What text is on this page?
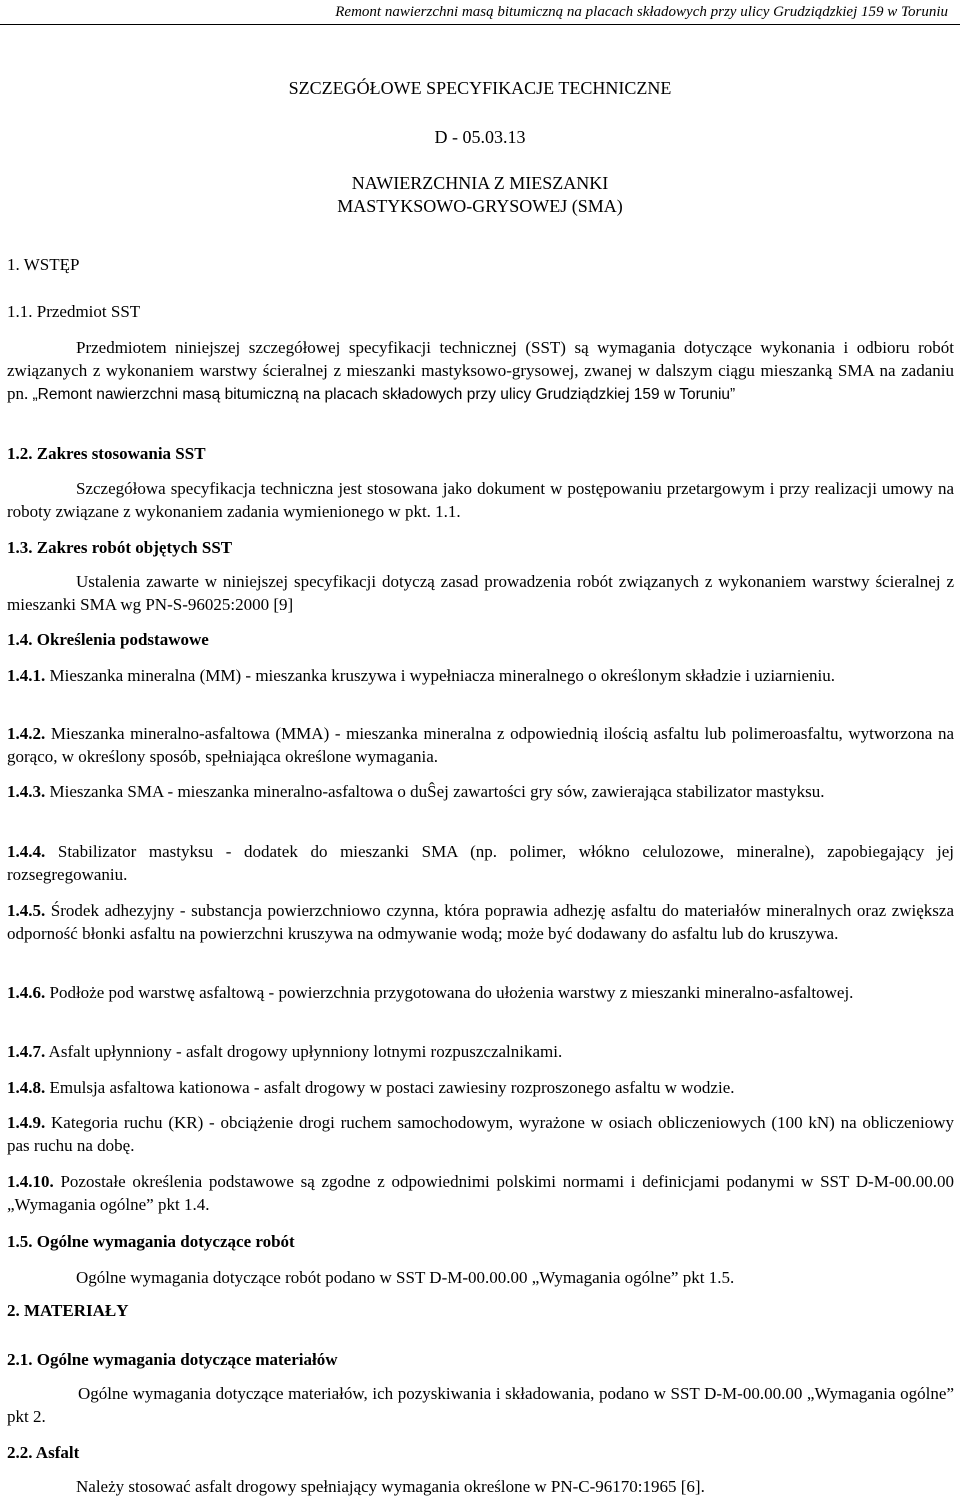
Remont nawierzchni masą bitumiczną na placach składowych przy ulicy Grudziądzkiej 159 w Toruniu
SZCZEGÓŁOWE SPECYFIKACJE TECHNICZNE
D - 05.03.13
NAWIERZCHNIA Z MIESZANKI
MASTYKSOWO-GRYSOWEJ (SMA)
1. WSTĘP
1.1. Przedmiot SST
Przedmiotem niniejszej szczegółowej specyfikacji technicznej (SST) są wymagania dotyczące wykonania i odbioru robót związanych z wykonaniem warstwy ścieralnej z mieszanki mastyksowo-grysowej, zwanej w dalszym ciągu mieszanką SMA na zadaniu pn. „Remont nawierzchni masą bitumiczną na placach składowych przy ulicy Grudziądzkiej 159 w Toruniu”
1.2. Zakres stosowania SST
Szczegółowa specyfikacja techniczna jest stosowana jako dokument w postępowaniu przetargowym i przy realizacji umowy na roboty związane z wykonaniem zadania wymienionego w pkt. 1.1.
1.3. Zakres robót objętych SST
Ustalenia zawarte w niniejszej specyfikacji dotyczą zasad prowadzenia robót związanych z wykonaniem warstwy ścieralnej z mieszanki SMA wg PN-S-96025:2000 [9]
1.4. Określenia podstawowe
1.4.1. Mieszanka mineralna (MM) - mieszanka kruszywa i wypełniacza mineralnego o określonym składzie i uziarnieniu.
1.4.2. Mieszanka mineralno-asfaltowa (MMA) - mieszanka mineralna z odpowiednią ilością asfaltu lub polimeroasfaltu, wytworzona na gorąco, w określony sposób, spełniająca określone wymagania.
1.4.3. Mieszanka SMA - mieszanka mineralno-asfaltowa o duŜej zawartości gry sów, zawierająca stabilizator mastyksu.
1.4.4. Stabilizator mastyksu - dodatek do mieszanki SMA (np. polimer, włókno celulozowe, mineralne), zapobiegający jej rozsegregowaniu.
1.4.5. Środek adhezyjny - substancja powierzchniowo czynna, która poprawia adhezję asfaltu do materiałów mineralnych oraz zwiększa odporność błonki asfaltu na powierzchni kruszywa na odmywanie wodą; może być dodawany do asfaltu lub do kruszywa.
1.4.6. Podłoże pod warstwę asfaltową - powierzchnia przygotowana do ułożenia warstwy z mieszanki mineralno-asfaltowej.
1.4.7. Asfalt upłynniony - asfalt drogowy upłynniony lotnymi rozpuszczalnikami.
1.4.8. Emulsja asfaltowa kationowa - asfalt drogowy w postaci zawiesiny rozproszonego asfaltu w wodzie.
1.4.9. Kategoria ruchu (KR) - obciążenie drogi ruchem samochodowym, wyrażone w osiach obliczeniowych (100 kN) na obliczeniowy pas ruchu na dobę.
1.4.10. Pozostałe określenia podstawowe są zgodne z odpowiednimi polskimi normami i definicjami podanymi w SST D-M-00.00.00 „Wymagania ogólne” pkt 1.4.
1.5. Ogólne wymagania dotyczące robót
Ogólne wymagania dotyczące robót podano w SST D-M-00.00.00 „Wymagania ogólne” pkt 1.5.
2. MATERIAŁY
2.1. Ogólne wymagania dotyczące materiałów
Ogólne wymagania dotyczące materiałów, ich pozyskiwania i składowania, podano w SST D-M-00.00.00 „Wymagania ogólne” pkt 2.
2.2. Asfalt
Należy stosować asfalt drogowy spełniający wymagania określone w PN-C-96170:1965 [6].
